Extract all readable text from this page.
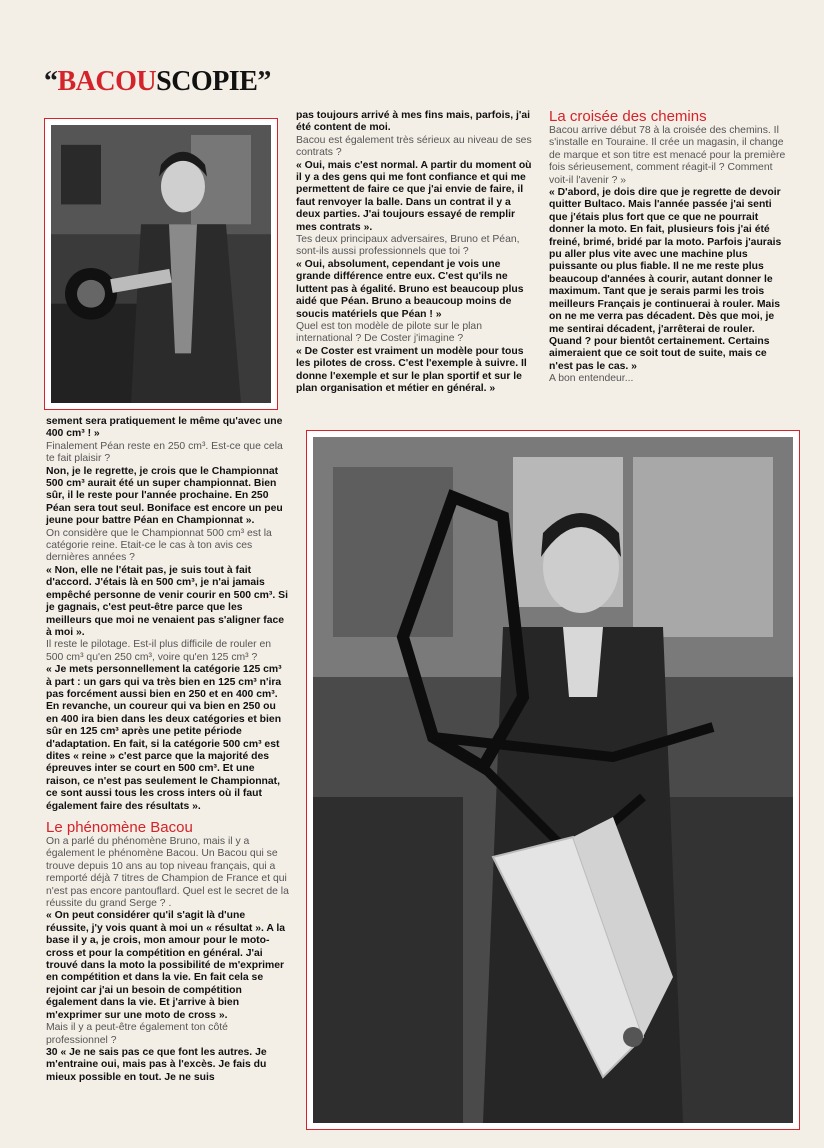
“BACOUSCOPIE”

pas toujours arrivé à mes fins mais, parfois, j'ai été content de moi.

Bacou est également très sérieux au niveau de ses contrats ?

« Oui, mais c'est normal. A partir du moment où il y a des gens qui me font confiance et qui me permettent de faire ce que j'ai envie de faire, il faut renvoyer la balle. Dans un contrat il y a deux parties. J'ai toujours essayé de remplir mes contrats ».

Tes deux principaux adversaires, Bruno et Péan, sont-ils aussi professionnels que toi ?

« Oui, absolument, cependant je vois une grande différence entre eux. C'est qu'ils ne luttent pas à égalité. Bruno est beaucoup plus aidé que Péan. Bruno a beaucoup moins de soucis matériels que Péan ! »

Quel est ton modèle de pilote sur le plan international ? De Coster j'imagine ?

« De Coster est vraiment un modèle pour tous les pilotes de cross. C'est l'exemple à suivre. Il donne l'exemple et sur le plan sportif et sur le plan organisation et métier en général. »

La croisée des chemins

Bacou arrive début 78 à la croisée des chemins. Il s'installe en Touraine. Il crée un magasin, il change de marque et son titre est menacé pour la première fois sérieusement, comment réagit-il ? Comment voit-il l'avenir ? »

« D'abord, je dois dire que je regrette de devoir quitter Bultaco. Mais l'année passée j'ai senti que j'étais plus fort que ce que ne pourrait donner la moto. En fait, plusieurs fois j'ai été freiné, brimé, bridé par la moto. Parfois j'aurais pu aller plus vite avec une machine plus puissante ou plus fiable. Il ne me reste plus beaucoup d'années à courir, autant donner le maximum. Tant que je serais parmi les trois meilleurs Français je continuerai à rouler. Mais on ne me verra pas décadent. Dès que moi, je me sentirai décadent, j'arrêterai de rouler. Quand ? pour bientôt certainement. Certains aimeraient que ce soit tout de suite, mais ce n'est pas le cas. »

A bon entendeur...

sement sera pratiquement le même qu'avec une 400 cm³ ! »

Finalement Péan reste en 250 cm³. Est-ce que cela te fait plaisir ?

Non, je le regrette, je crois que le Championnat 500 cm³ aurait été un super championnat. Bien sûr, il le reste pour l'année prochaine. En 250 Péan sera tout seul. Boniface est encore un peu jeune pour battre Péan en Championnat ».

On considère que le Championnat 500 cm³ est la catégorie reine. Etait-ce le cas à ton avis ces dernières années ?

« Non, elle ne l'était pas, je suis tout à fait d'accord. J'étais là en 500 cm³, je n'ai jamais empêché personne de venir courir en 500 cm³. Si je gagnais, c'est peut-être parce que les meilleurs que moi ne venaient pas s'aligner face à moi ».

Il reste le pilotage. Est-il plus difficile de rouler en 500 cm³ qu'en 250 cm³, voire qu'en 125 cm³ ?

« Je mets personnellement la catégorie 125 cm³ à part : un gars qui va très bien en 125 cm³ n'ira pas forcément aussi bien en 250 et en 400 cm³. En revanche, un coureur qui va bien en 250 ou en 400 ira bien dans les deux catégories et bien sûr en 125 cm³ après une petite période d'adaptation. En fait, si la catégorie 500 cm³ est dites « reine » c'est parce que la majorité des épreuves inter se court en 500 cm³. Et une raison, ce n'est pas seulement le Championnat, ce sont aussi tous les cross inters où il faut également faire des résultats ».

Le phénomène Bacou

On a parlé du phénomène Bruno, mais il y a également le phénomène Bacou. Un Bacou qui se trouve depuis 10 ans au top niveau français, qui a remporté déjà 7 titres de Champion de France et qui n'est pas encore pantouflard. Quel est le secret de la réussite du grand Serge ? .

« On peut considérer qu'il s'agit là d'une réussite, j'y vois quant à moi un « résultat ». A la base il y a, je crois, mon amour pour le moto-cross et pour la compétition en général. J'ai trouvé dans la moto la possibilité de m'exprimer en compétition et dans la vie. En fait cela se rejoint car j'ai un besoin de compétition également dans la vie. Et j'arrive à bien m'exprimer sur une moto de cross ».

Mais il y a peut-être également ton côté professionnel ?

30 « Je ne sais pas ce que font les autres. Je m'entraine oui, mais pas à l'excès. Je fais du mieux possible en tout. Je ne suis
